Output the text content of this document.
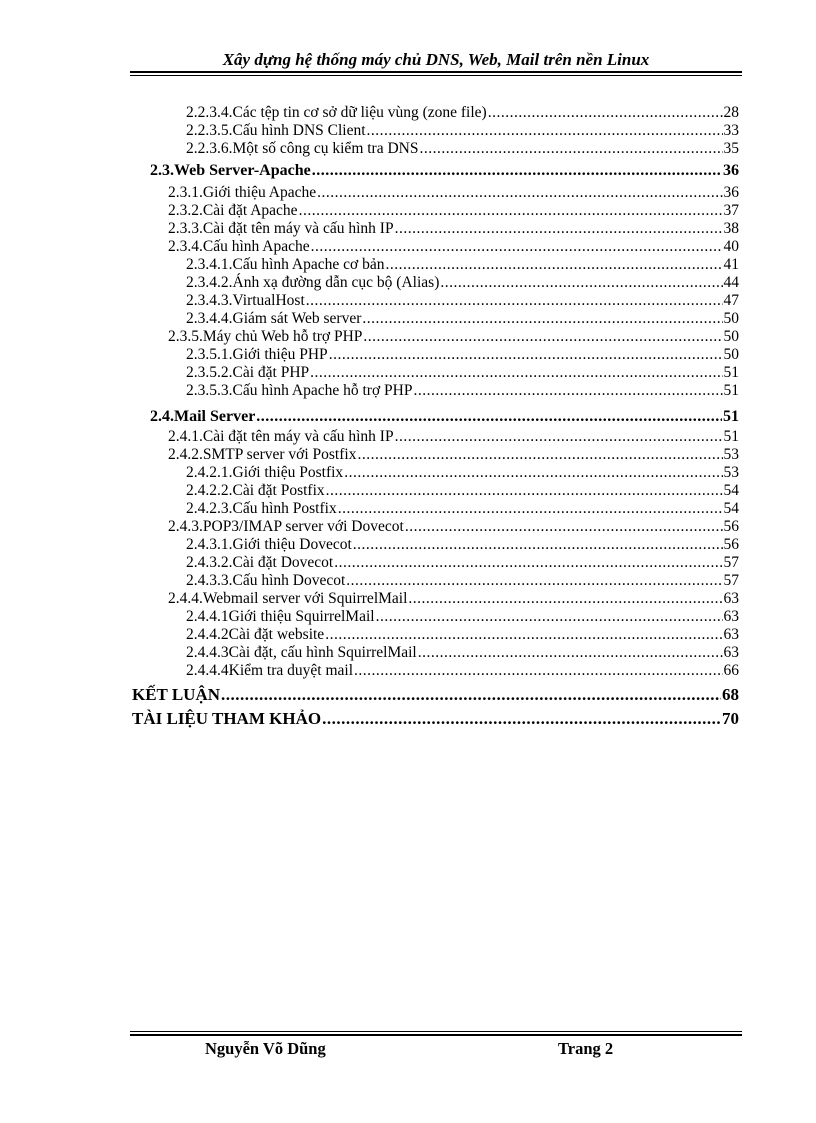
Xây dựng hệ thống máy chủ DNS, Web, Mail trên nền Linux
2.2.3.4. Các tệp tin cơ sở dữ liệu vùng (zone file) .....	28
2.2.3.5. Cấu hình DNS Client .....	33
2.2.3.6. Một số công cụ kiểm tra DNS .....	35
2.3. Web Server-Apache .....	36
2.3.1. Giới thiệu Apache .....	36
2.3.2. Cài đặt Apache .....	37
2.3.3. Cài đặt tên máy và cấu hình IP .....	38
2.3.4. Cấu hình Apache .....	40
2.3.4.1. Cấu hình Apache cơ bản .....	41
2.3.4.2. Ánh xạ đường dẫn cục bộ (Alias) .....	44
2.3.4.3. VirtualHost .....	47
2.3.4.4. Giám sát Web server .....	50
2.3.5. Máy chủ Web hỗ trợ PHP .....	50
2.3.5.1. Giới thiệu PHP .....	50
2.3.5.2. Cài đặt PHP .....	51
2.3.5.3. Cấu hình Apache hỗ trợ PHP .....	51
2.4. Mail Server .....	51
2.4.1. Cài đặt tên máy và cấu hình IP .....	51
2.4.2. SMTP server với Postfix .....	53
2.4.2.1. Giới thiệu Postfix .....	53
2.4.2.2. Cài đặt Postfix .....	54
2.4.2.3. Cấu hình Postfix .....	54
2.4.3. POP3/IMAP server với Dovecot .....	56
2.4.3.1. Giới thiệu Dovecot .....	56
2.4.3.2. Cài đặt Dovecot .....	57
2.4.3.3. Cấu hình Dovecot .....	57
2.4.4. Webmail server với SquirrelMail .....	63
2.4.4.1 Giới thiệu SquirrelMail .....	63
2.4.4.2 Cài đặt website .....	63
2.4.4.3 Cài đặt, cấu hình SquirrelMail .....	63
2.4.4.4 Kiểm tra duyệt mail .....	66
KẾT LUẬN .....	68
TÀI LIỆU THAM KHẢO .....	70
Nguyễn Võ Dũng	Trang 2
